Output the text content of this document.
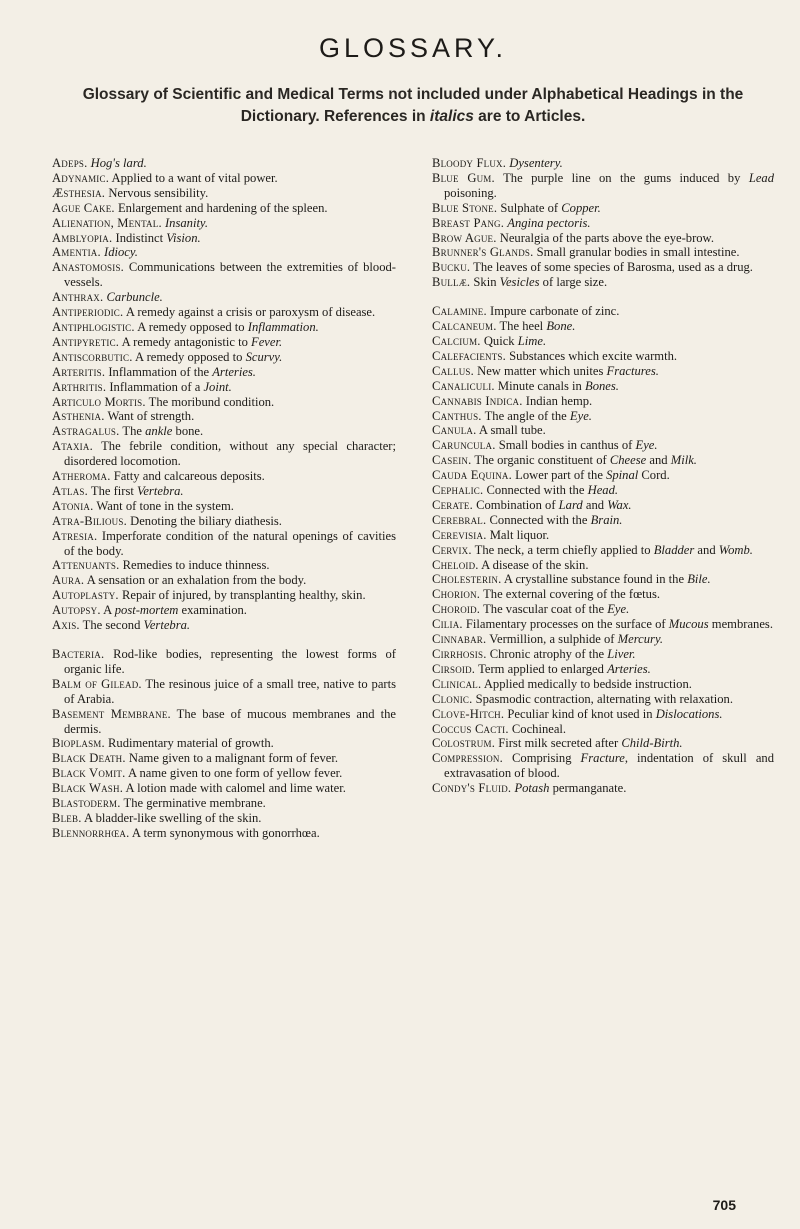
GLOSSARY.
Glossary of Scientific and Medical Terms not included under Alphabetical Headings in the Dictionary. References in italics are to Articles.

Adeps. Hog's lard.

Adynamic. Applied to a want of vital power.

Æsthesia. Nervous sensibility.

Ague Cake. Enlargement and hardening of the spleen.

Alienation, Mental. Insanity.

Amblyopia. Indistinct Vision.

Amentia. Idiocy.

Anastomosis. Communications between the extremities of blood-vessels.

Anthrax. Carbuncle.

Antiperiodic. A remedy against a crisis or paroxysm of disease.

Antiphlogistic. A remedy opposed to Inflammation.

Antipyretic. A remedy antagonistic to Fever.

Antiscorbutic. A remedy opposed to Scurvy.

Arteritis. Inflammation of the Arteries.

Arthritis. Inflammation of a Joint.

Articulo Mortis. The moribund condition.

Asthenia. Want of strength.

Astragalus. The ankle bone.

Ataxia. The febrile condition, without any special character; disordered locomotion.

Atheroma. Fatty and calcareous deposits.

Atlas. The first Vertebra.

Atonia. Want of tone in the system.

Atra-Bilious. Denoting the biliary diathesis.

Atresia. Imperforate condition of the natural openings of cavities of the body.

Attenuants. Remedies to induce thinness.

Aura. A sensation or an exhalation from the body.

Autoplasty. Repair of injured, by transplanting healthy, skin.

Autopsy. A post-mortem examination.

Axis. The second Vertebra.

Bacteria. Rod-like bodies, representing the lowest forms of organic life.

Balm of Gilead. The resinous juice of a small tree, native to parts of Arabia.

Basement Membrane. The base of mucous membranes and the dermis.

Bioplasm. Rudimentary material of growth.

Black Death. Name given to a malignant form of fever.

Black Vomit. A name given to one form of yellow fever.

Black Wash. A lotion made with calomel and lime water.

Blastoderm. The germinative membrane.

Bleb. A bladder-like swelling of the skin.

Blennorrhœa. A term synonymous with gonorrhœa.

Bloody Flux. Dysentery.

Blue Gum. The purple line on the gums induced by Lead poisoning.

Blue Stone. Sulphate of Copper.

Breast Pang. Angina pectoris.

Brow Ague. Neuralgia of the parts above the eye-brow.

Brunner's Glands. Small granular bodies in small intestine.

Bucku. The leaves of some species of Barosma, used as a drug.

Bullæ. Skin Vesicles of large size.

Calamine. Impure carbonate of zinc.

Calcaneum. The heel Bone.

Calcium. Quick Lime.

Calefacients. Substances which excite warmth.

Callus. New matter which unites Fractures.

Canaliculi. Minute canals in Bones.

Cannabis Indica. Indian hemp.

Canthus. The angle of the Eye.

Canula. A small tube.

Caruncula. Small bodies in canthus of Eye.

Casein. The organic constituent of Cheese and Milk.

Cauda Equina. Lower part of the Spinal Cord.

Cephalic. Connected with the Head.

Cerate. Combination of Lard and Wax.

Cerebral. Connected with the Brain.

Cerevisia. Malt liquor.

Cervix. The neck, a term chiefly applied to Bladder and Womb.

Cheloid. A disease of the skin.

Cholesterin. A crystalline substance found in the Bile.

Chorion. The external covering of the fœtus.

Choroid. The vascular coat of the Eye.

Cilia. Filamentary processes on the surface of Mucous membranes.

Cinnabar. Vermillion, a sulphide of Mercury.

Cirrhosis. Chronic atrophy of the Liver.

Cirsoid. Term applied to enlarged Arteries.

Clinical. Applied medically to bedside instruction.

Clonic. Spasmodic contraction, alternating with relaxation.

Clove-Hitch. Peculiar kind of knot used in Dislocations.

Coccus Cacti. Cochineal.

Colostrum. First milk secreted after Child-Birth.

Compression. Comprising Fracture, indentation of skull and extravasation of blood.

Condy's Fluid. Potash permanganate.

705
